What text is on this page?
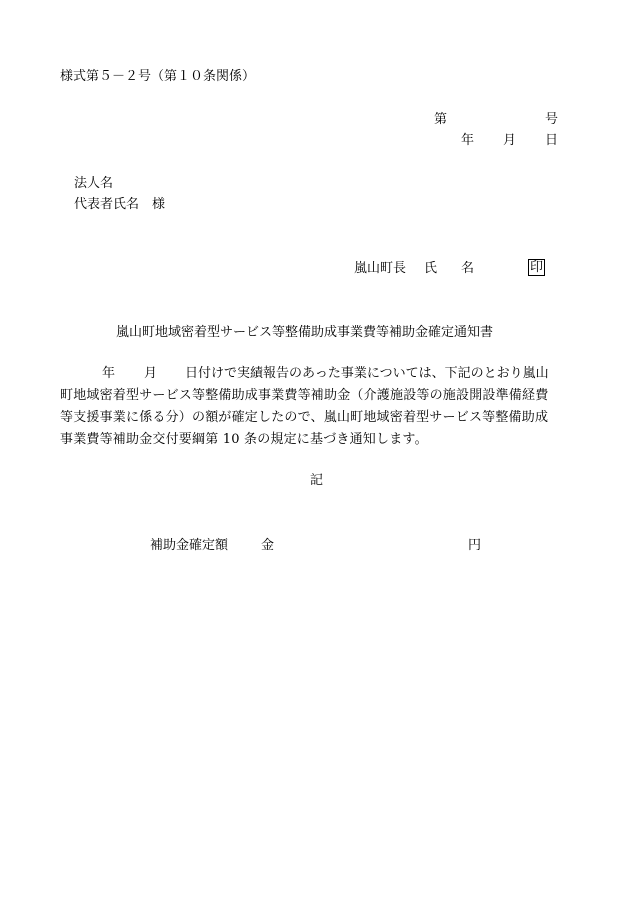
様式第５－２号（第１０条関係）
第	号
年 月 日
法人名
代表者氏名　様
嵐山町長 氏 名	印
嵐山町地域密着型サービス等整備助成事業費等補助金確定通知書
年 月 日付けで実績報告のあった事業については、下記のとおり嵐山
町地域密着型サービス等整備助成事業費等補助金（介護施設等の施設開設準備経費
等支援事業に係る分）の額が確定したので、嵐山町地域密着型サービス等整備助成
事業費等補助金交付要綱第 10 条の規定に基づき通知します。
記
補助金確定額	金	円
